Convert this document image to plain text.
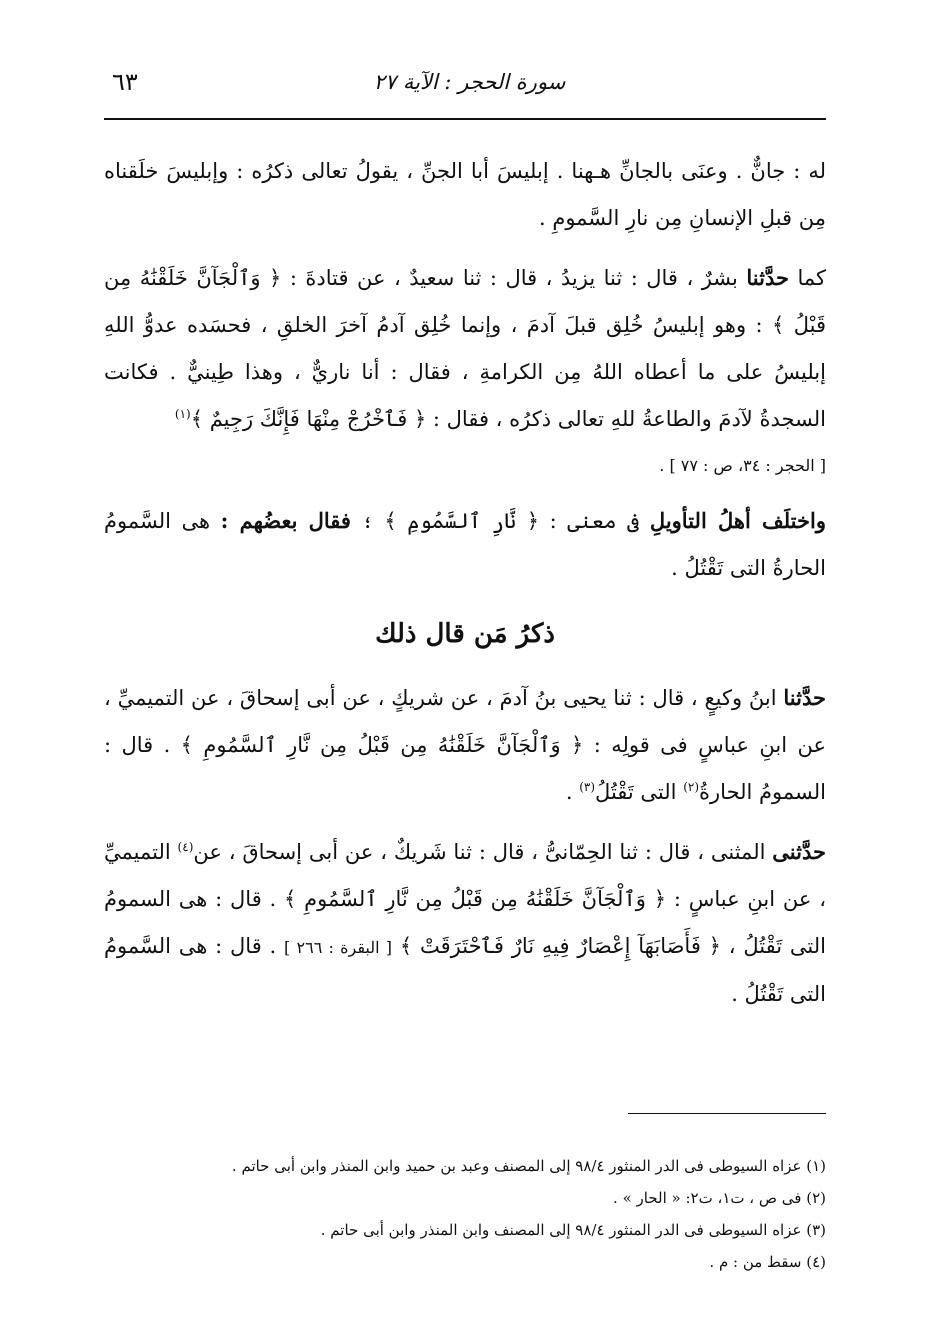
سورة الحجر : الآية ٢٧
٦٣

له : جانٌّ . وعنَى بالجانِّ هـهنا . إبليسَ أبا الجنِّ ، يقولُ تعالى ذكرُه : وإبليسَ خلَقناه مِن قبلِ الإنسانِ مِن نارِ السَّمومِ .

كما حدَّثنا بشرٌ ، قال : ثنا يزيدُ ، قال : ثنا سعيدٌ ، عن قتادةَ : ﴿ وَٱلْجَآنَّ خَلَقْنَٰهُ مِن قَبْلُ ﴾ : وهو إبليسُ خُلِق قبلَ آدمَ ، وإنما خُلِق آدمُ آخرَ الخلقِ ، فحسَده عدوُّ اللهِ إبليسُ على ما أعطاه اللهُ مِن الكرامةِ ، فقال : أنا ناريٌّ ، وهذا طِينيٌّ . فكانت السجدةُ لآدمَ والطاعةُ للهِ تعالى ذكرُه ، فقال : ﴿ فَٱخْرُجْ مِنْهَا فَإِنَّكَ رَجِيمٌ ﴾$^{(١)}$

[ الحجر : ٣٤، ص : ٧٧ ] .

واختلَف أهلُ التأويلِ فى معنى : ﴿ نَّارِ ٱلسَّمُومِ ﴾ ؛ فقال بعضُهم : هى السَّمومُ الحارةُ التى تَقْتُلُ .

ذكرُ مَن قال ذلك

حدَّثنا ابنُ وكيعٍ ، قال : ثنا يحيى بنُ آدمَ ، عن شريكٍ ، عن أبى إسحاقَ ، عن التميميِّ ، عن ابنِ عباسٍ فى قولِه : ﴿ وَٱلْجَآنَّ خَلَقْنَٰهُ مِن قَبْلُ مِن نَّارِ ٱلسَّمُومِ ﴾ . قال : السمومُ الحارةُ$^{(٢)}$ التى تَقْتُلُ$^{(٣)}$ .

حدَّثنى المثنى ، قال : ثنا الحِمّانىُّ ، قال : ثنا شَريكٌ ، عن أبى إسحاقَ ، عن$^{(٤)}$ التميميِّ ، عن ابنِ عباسٍ : ﴿ وَٱلْجَآنَّ خَلَقْنَٰهُ مِن قَبْلُ مِن نَّارِ ٱلسَّمُومِ ﴾ . قال : هى السمومُ التى تَقْتُلُ ، ﴿ فَأَصَابَهَآ إِعْصَارٌ فِيهِ نَارٌ فَٱحْتَرَقَتْ ﴾ [ البقرة : ٢٦٦ ] . قال : هى السَّمومُ التى تَقْتُلُ .

(١) عزاه السيوطى فى الدر المنثور ٩٨/٤ إلى المصنف وعبد بن حميد وابن المنذر وابن أبى حاتم .
(٢) فى ص ، ت١، ت٢: « الحار » .
(٣) عزاه السيوطى فى الدر المنثور ٩٨/٤ إلى المصنف وابن المنذر وابن أبى حاتم .
(٤) سقط من : م .
